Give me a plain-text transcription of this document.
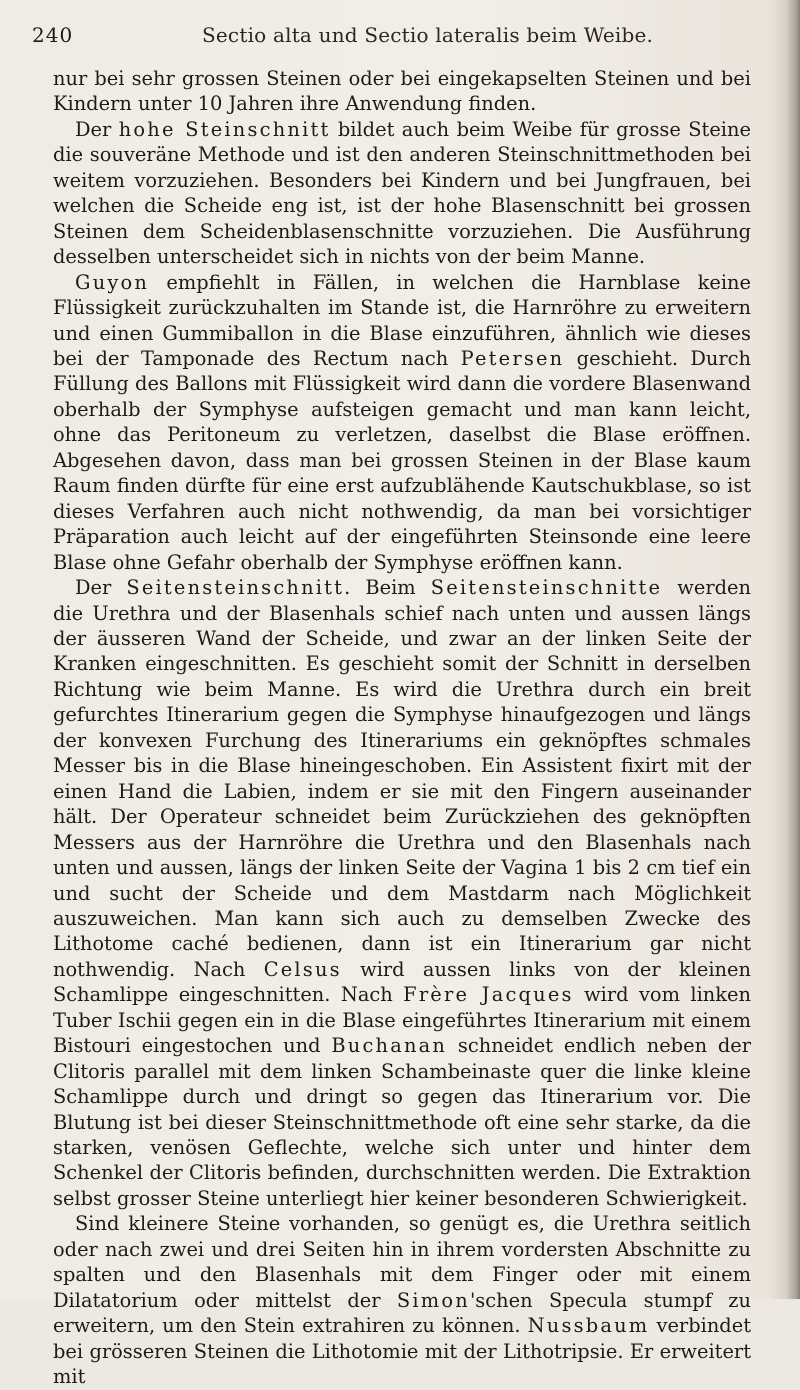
240	Sectio alta und Sectio lateralis beim Weibe.

nur bei sehr grossen Steinen oder bei eingekapselten Steinen und bei Kindern unter 10 Jahren ihre Anwendung finden.

Der hohe Steinschnitt bildet auch beim Weibe für grosse Steine die souveräne Methode und ist den anderen Steinschnittmethoden bei weitem vorzuziehen. Besonders bei Kindern und bei Jungfrauen, bei welchen die Scheide eng ist, ist der hohe Blasenschnitt bei grossen Steinen dem Scheidenblasenschnitte vorzuziehen. Die Ausführung desselben unterscheidet sich in nichts von der beim Manne.

Guyon empfiehlt in Fällen, in welchen die Harnblase keine Flüssigkeit zurückzuhalten im Stande ist, die Harnröhre zu erweitern und einen Gummiballon in die Blase einzuführen, ähnlich wie dieses bei der Tamponade des Rectum nach Petersen geschieht. Durch Füllung des Ballons mit Flüssigkeit wird dann die vordere Blasenwand oberhalb der Symphyse aufsteigen gemacht und man kann leicht, ohne das Peritoneum zu verletzen, daselbst die Blase eröffnen. Abgesehen davon, dass man bei grossen Steinen in der Blase kaum Raum finden dürfte für eine erst aufzublähende Kautschukblase, so ist dieses Verfahren auch nicht nothwendig, da man bei vorsichtiger Präparation auch leicht auf der eingeführten Steinsonde eine leere Blase ohne Gefahr oberhalb der Symphyse eröffnen kann.

Der Seitensteinschnitt. Beim Seitensteinschnitte werden die Urethra und der Blasenhals schief nach unten und aussen längs der äusseren Wand der Scheide, und zwar an der linken Seite der Kranken eingeschnitten. Es geschieht somit der Schnitt in derselben Richtung wie beim Manne. Es wird die Urethra durch ein breit gefurchtes Itinerarium gegen die Symphyse hinaufgezogen und längs der konvexen Furchung des Itinerariums ein geknöpftes schmales Messer bis in die Blase hineingeschoben. Ein Assistent fixirt mit der einen Hand die Labien, indem er sie mit den Fingern auseinander hält. Der Operateur schneidet beim Zurückziehen des geknöpften Messers aus der Harnröhre die Urethra und den Blasenhals nach unten und aussen, längs der linken Seite der Vagina 1 bis 2 cm tief ein und sucht der Scheide und dem Mastdarm nach Möglichkeit auszuweichen. Man kann sich auch zu demselben Zwecke des Lithotome caché bedienen, dann ist ein Itinerarium gar nicht nothwendig. Nach Celsus wird aussen links von der kleinen Schamlippe eingeschnitten. Nach Frère Jacques wird vom linken Tuber Ischii gegen ein in die Blase eingeführtes Itinerarium mit einem Bistouri eingestochen und Buchanan schneidet endlich neben der Clitoris parallel mit dem linken Schambeinaste quer die linke kleine Schamlippe durch und dringt so gegen das Itinerarium vor. Die Blutung ist bei dieser Steinschnittmethode oft eine sehr starke, da die starken, venösen Geflechte, welche sich unter und hinter dem Schenkel der Clitoris befinden, durchschnitten werden. Die Extraktion selbst grosser Steine unterliegt hier keiner besonderen Schwierigkeit.

Sind kleinere Steine vorhanden, so genügt es, die Urethra seitlich oder nach zwei und drei Seiten hin in ihrem vordersten Abschnitte zu spalten und den Blasenhals mit dem Finger oder mit einem Dilatatorium oder mittelst der Simon'schen Specula stumpf zu erweitern, um den Stein extrahiren zu können. Nussbaum verbindet bei grösseren Steinen die Lithotomie mit der Lithotripsie. Er erweitert mit
